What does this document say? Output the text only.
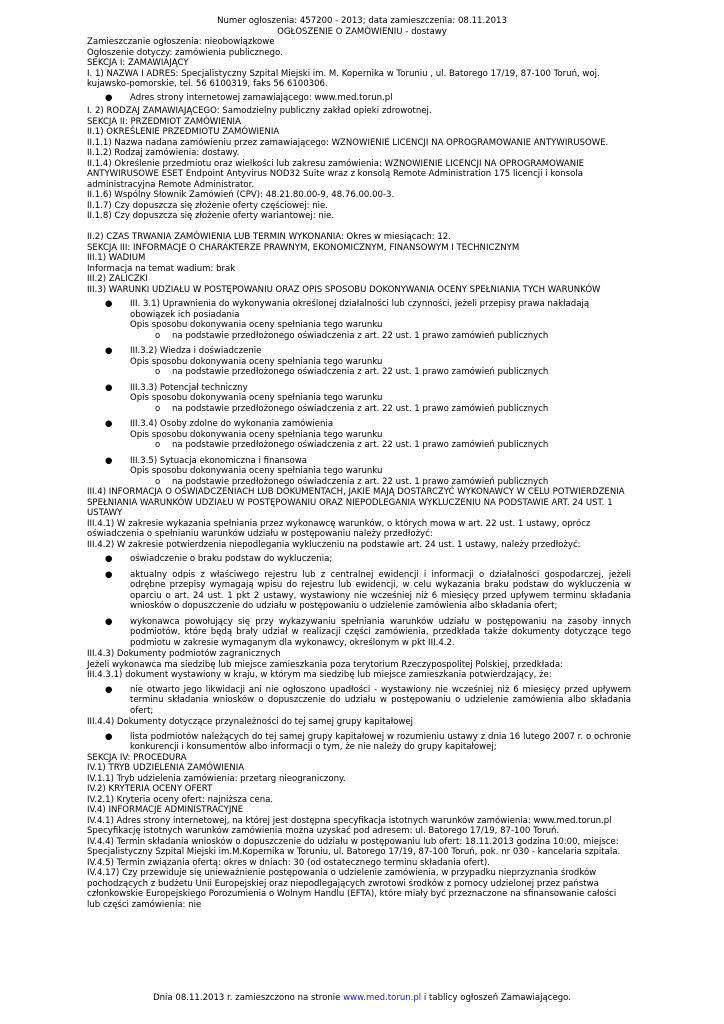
Numer ogłoszenia: 457200 - 2013; data zamieszczenia: 08.11.2013
OGŁOSZENIE O ZAMÓWIENIU - dostawy
Zamieszczanie ogłoszenia: nieobowiązkowe
Ogłoszenie dotyczy: zamówienia publicznego.
SEKCJA I: ZAMAWIAJĄCY
I. 1) NAZWA I ADRES: Specjalistyczny Szpital Miejski im. M. Kopernika w Toruniu , ul. Batorego 17/19, 87-100 Toruń, woj. kujawsko-pomorskie, tel. 56 6100319, faks 56 6100306.
● Adres strony internetowej zamawiającego: www.med.torun.pl
I. 2) RODZAJ ZAMAWIAJĄCEGO: Samodzielny publiczny zakład opieki zdrowotnej.
SEKCJA II: PRZEDMIOT ZAMÓWIENIA
II.1) OKREŚLENIE PRZEDMIOTU ZAMÓWIENIA
II.1.1) Nazwa nadana zamówieniu przez zamawiającego: WZNOWIENIE LICENCJI NA OPROGRAMOWANIE ANTYWIRUSOWE.
II.1.2) Rodzaj zamówienia: dostawy.
II.1.4) Określenie przedmiotu oraz wielkości lub zakresu zamówienia: WZNOWIENIE LICENCJI NA OPROGRAMOWANIE ANTYWIRUSOWE ESET Endpoint Antyvirus NOD32 Suite wraz z konsolą Remote Administration 175 licencji i konsola administracyjna Remote Administrator.
II.1.6) Wspólny Słownik Zamówień (CPV): 48.21.80.00-9, 48.76.00.00-3.
II.1.7) Czy dopuszcza się złożenie oferty częściowej: nie.
II.1.8) Czy dopuszcza się złożenie oferty wariantowej: nie.
II.2) CZAS TRWANIA ZAMÓWIENIA LUB TERMIN WYKONANIA: Okres w miesiącach: 12.
SEKCJA III: INFORMACJE O CHARAKTERZE PRAWNYM, EKONOMICZNYM, FINANSOWYM I TECHNICZNYM
III.1) WADIUM
Informacja na temat wadium: brak
III.2) ZALICZKI
III.3) WARUNKI UDZIAŁU W POSTĘPOWANIU ORAZ OPIS SPOSOBU DOKONYWANIA OCENY SPEŁNIANIA TYCH WARUNKÓW
● III. 3.1) Uprawnienia do wykonywania określonej działalności lub czynności, jeżeli przepisy prawa nakładają obowiązek ich posiadania
Opis sposobu dokonywania oceny spełniania tego warunku
o na podstawie przedłożonego oświadczenia z art. 22 ust. 1 prawo zamówień publicznych
● III.3.2) Wiedza i doświadczenie
Opis sposobu dokonywania oceny spełniania tego warunku
o na podstawie przedłożonego oświadczenia z art. 22 ust. 1 prawo zamówień publicznych
● III.3.3) Potencjał techniczny
Opis sposobu dokonywania oceny spełniania tego warunku
o na podstawie przedłożonego oświadczenia z art. 22 ust. 1 prawo zamówień publicznych
● III.3.4) Osoby zdolne do wykonania zamówienia
Opis sposobu dokonywania oceny spełniania tego warunku
o na podstawie przedłożonego oświadczenia z art. 22 ust. 1 prawo zamówień publicznych
● III.3.5) Sytuacja ekonomiczna i finansowa
Opis sposobu dokonywania oceny spełniania tego warunku
o na podstawie przedłożonego oświadczenia z art. 22 ust. 1 prawo zamówień publicznych
III.4) INFORMACJA O OŚWIADCZENIACH LUB DOKUMENTACH, JAKIE MAJĄ DOSTARCZYĆ WYKONAWCY W CELU POTWIERDZENIA SPEŁNIANIA WARUNKÓW UDZIAŁU W POSTĘPOWANIU ORAZ NIEPODLEGANIA WYKLUCZENIU NA PODSTAWIE ART. 24 UST. 1 USTAWY
III.4.1) W zakresie wykazania spełniania przez wykonawcę warunków, o których mowa w art. 22 ust. 1 ustawy, oprócz oświadczenia o spełnianiu warunków udziału w postępowaniu należy przedłożyć:
III.4.2) W zakresie potwierdzenia niepodlegania wykluczeniu na podstawie art. 24 ust. 1 ustawy, należy przedłożyć:
● oświadczenie o braku podstaw do wykluczenia;
● aktualny odpis z właściwego rejestru lub z centralnej ewidencji i informacji o działalności gospodarczej, jeżeli odrębne przepisy wymagają wpisu do rejestru lub ewidencji, w celu wykazania braku podstaw do wykluczenia w oparciu o art. 24 ust. 1 pkt 2 ustawy, wystawiony nie wcześniej niż 6 miesięcy przed upływem terminu składania wniosków o dopuszczenie do udziału w postępowaniu o udzielenie zamówienia albo składania ofert;
● wykonawca powołujący się przy wykazywaniu spełniania warunków udziału w postępowaniu na zasoby innych podmiotów, które będą brały udział w realizacji części zamówienia, przedkłada także dokumenty dotyczące tego podmiotu w zakresie wymaganym dla wykonawcy, określonym w pkt III.4.2.
III.4.3) Dokumenty podmiotów zagranicznych
Jeżeli wykonawca ma siedzibę lub miejsce zamieszkania poza terytorium Rzeczypospolitej Polskiej, przedkłada:
III.4.3.1) dokument wystawiony w kraju, w którym ma siedzibę lub miejsce zamieszkania potwierdzający, że:
● nie otwarto jego likwidacji ani nie ogłoszono upadłości - wystawiony nie wcześniej niż 6 miesięcy przed upływem terminu składania wniosków o dopuszczenie do udziału w postępowaniu o udzielenie zamówienia albo składania ofert;
III.4.4) Dokumenty dotyczące przynależności do tej samej grupy kapitałowej
● lista podmiotów należących do tej samej grupy kapitałowej w rozumieniu ustawy z dnia 16 lutego 2007 r. o ochronie konkurencji i konsumentów albo informacji o tym, że nie należy do grupy kapitałowej;
SEKCJA IV: PROCEDURA
IV.1) TRYB UDZIELENIA ZAMÓWIENIA
IV.1.1) Tryb udzielenia zamówienia: przetarg nieograniczony.
IV.2) KRYTERIA OCENY OFERT
IV.2.1) Kryteria oceny ofert: najniższa cena.
IV.4) INFORMACJE ADMINISTRACYJNE
IV.4.1) Adres strony internetowej, na której jest dostępna specyfikacja istotnych warunków zamówienia: www.med.torun.pl
Specyfikację istotnych warunków zamówienia można uzyskać pod adresem: ul. Batorego 17/19, 87-100 Toruń.
IV.4.4) Termin składania wniosków o dopuszczenie do udziału w postępowaniu lub ofert: 18.11.2013 godzina 10:00, miejsce: Specjalistyczny Szpital Miejski im.M.Kopernika w Toruniu, ul. Batorego 17/19, 87-100 Toruń, pok. nr 030 - kancelaria szpitala.
IV.4.5) Termin związania ofertą: okres w dniach: 30 (od ostatecznego terminu składania ofert).
IV.4.17) Czy przewiduje się unieważnienie postępowania o udzielenie zamówienia, w przypadku nieprzyznania środków pochodzących z budżetu Unii Europejskiej oraz niepodlegających zwrotowi środków z pomocy udzielonej przez państwa członkowskie Europejskiego Porozumienia o Wolnym Handlu (EFTA), które miały być przeznaczone na sfinansowanie całości lub części zamówienia: nie
Dnia 08.11.2013 r. zamieszczono na stronie www.med.torun.pl i tablicy ogłoszeń Zamawiającego.
